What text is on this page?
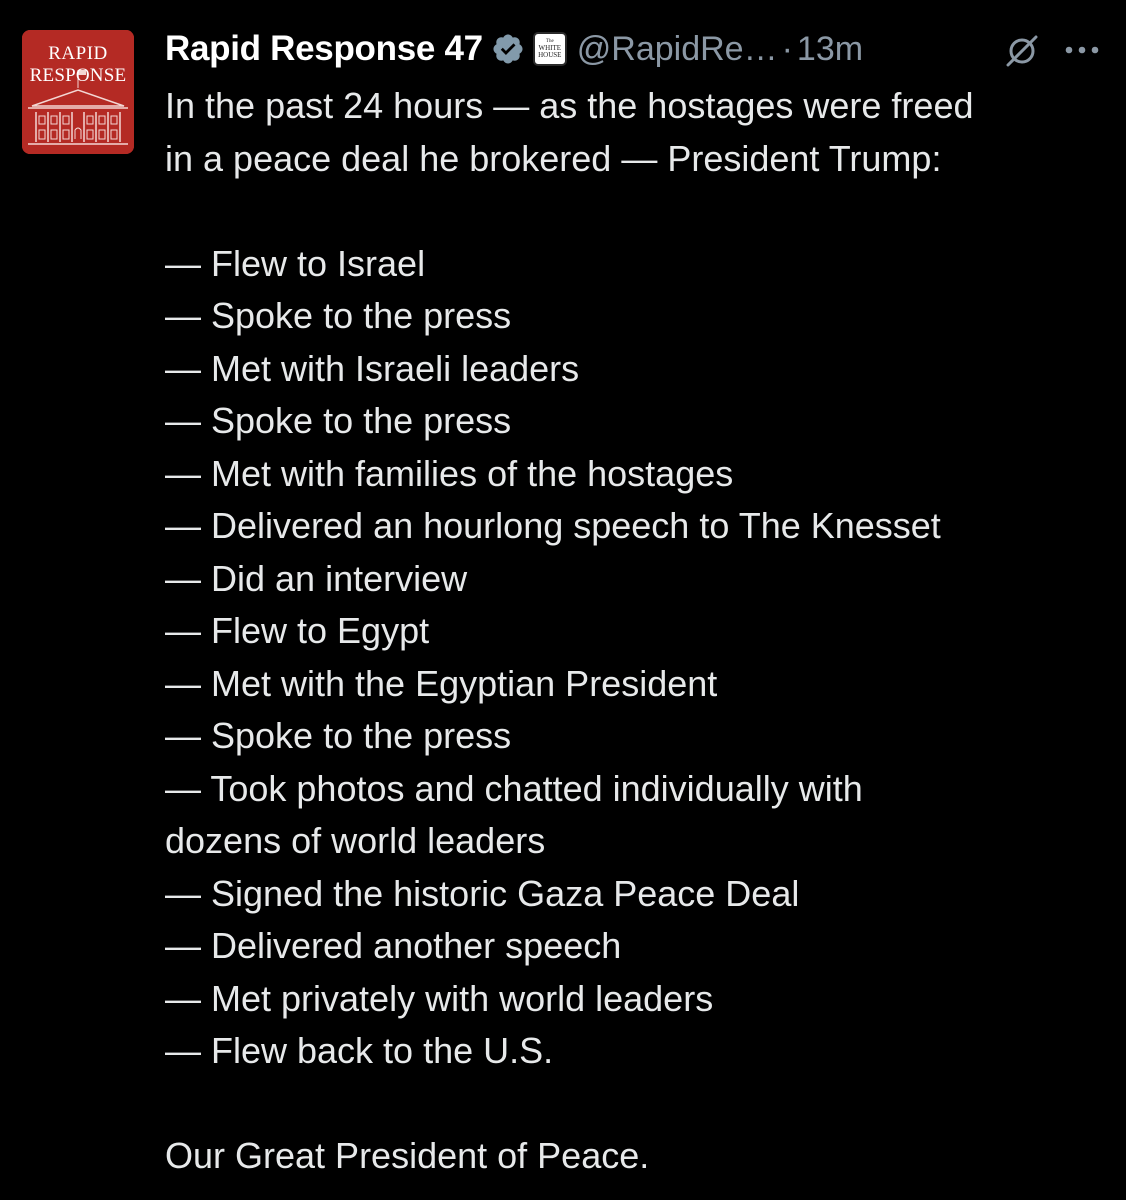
RAPID
RESPONSE
Rapid Response 47	The
WHITE
HOUSE @RapidRe… · 13m

In the past 24 hours — as the hostages were freed

in a peace deal he brokered — President Trump:

— Flew to Israel

— Spoke to the press

— Met with Israeli leaders

— Spoke to the press

— Met with families of the hostages

— Delivered an hourlong speech to The Knesset

— Did an interview

— Flew to Egypt

— Met with the Egyptian President

— Spoke to the press

— Took photos and chatted individually with

dozens of world leaders

— Signed the historic Gaza Peace Deal

— Delivered another speech

— Met privately with world leaders

— Flew back to the U.S.

Our Great President of Peace.
